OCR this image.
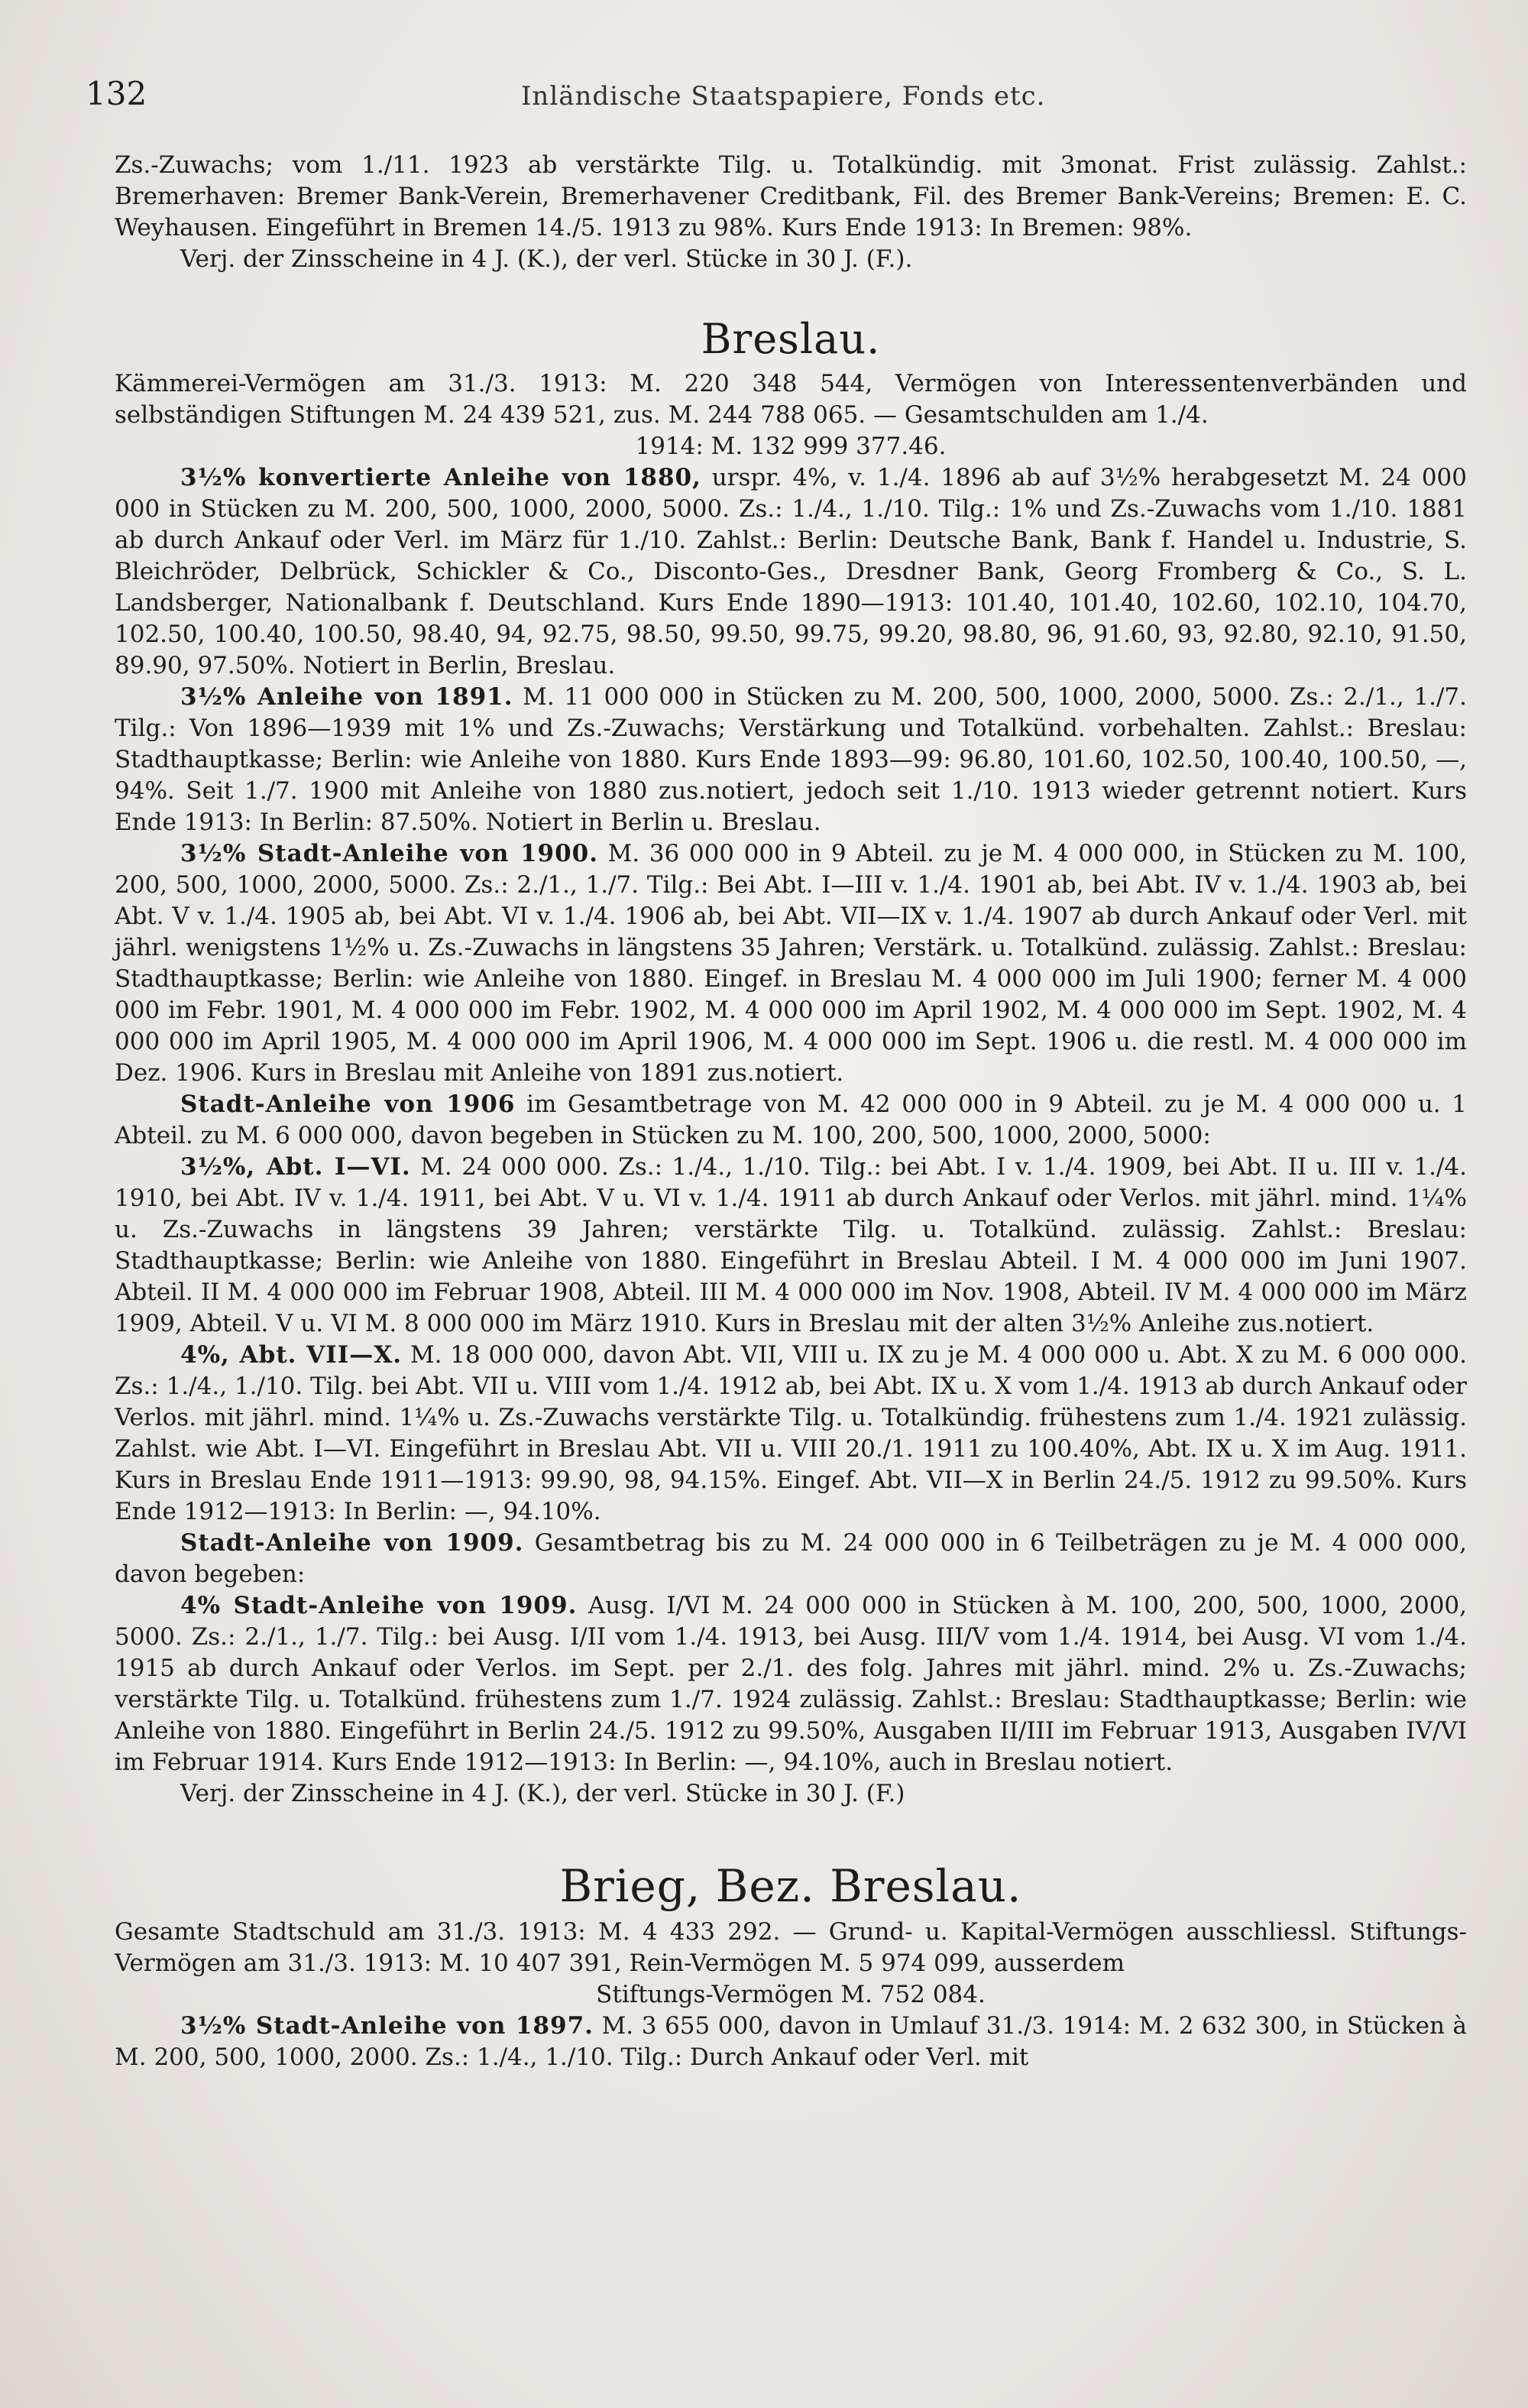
132	Inländische Staatspapiere, Fonds etc.

Zs.-Zuwachs; vom 1./11. 1923 ab verstärkte Tilg. u. Totalkündig. mit 3monat. Frist zulässig. Zahlst.: Bremerhaven: Bremer Bank-Verein, Bremerhavener Creditbank, Fil. des Bremer Bank-Vereins; Bremen: E. C. Weyhausen. Eingeführt in Bremen 14./5. 1913 zu 98%. Kurs Ende 1913: In Bremen: 98%.

Verj. der Zinsscheine in 4 J. (K.), der verl. Stücke in 30 J. (F.).

Breslau.

Kämmerei-Vermögen am 31./3. 1913: M. 220 348 544, Vermögen von Interessentenverbänden und selbständigen Stiftungen M. 24 439 521, zus. M. 244 788 065. — Gesamtschulden am 1./4.

1914: M. 132 999 377.46.

3½% konvertierte Anleihe von 1880, urspr. 4%, v. 1./4. 1896 ab auf 3½% herabgesetzt M. 24 000 000 in Stücken zu M. 200, 500, 1000, 2000, 5000. Zs.: 1./4., 1./10. Tilg.: 1% und Zs.-Zuwachs vom 1./10. 1881 ab durch Ankauf oder Verl. im März für 1./10. Zahlst.: Berlin: Deutsche Bank, Bank f. Handel u. Industrie, S. Bleichröder, Delbrück, Schickler & Co., Disconto-Ges., Dresdner Bank, Georg Fromberg & Co., S. L. Landsberger, Nationalbank f. Deutschland. Kurs Ende 1890—1913: 101.40, 101.40, 102.60, 102.10, 104.70, 102.50, 100.40, 100.50, 98.40, 94, 92.75, 98.50, 99.50, 99.75, 99.20, 98.80, 96, 91.60, 93, 92.80, 92.10, 91.50, 89.90, 97.50%. Notiert in Berlin, Breslau.

3½% Anleihe von 1891. M. 11 000 000 in Stücken zu M. 200, 500, 1000, 2000, 5000. Zs.: 2./1., 1./7. Tilg.: Von 1896—1939 mit 1% und Zs.-Zuwachs; Verstärkung und Totalkünd. vorbehalten. Zahlst.: Breslau: Stadthauptkasse; Berlin: wie Anleihe von 1880. Kurs Ende 1893—99: 96.80, 101.60, 102.50, 100.40, 100.50, —, 94%. Seit 1./7. 1900 mit Anleihe von 1880 zus.notiert, jedoch seit 1./10. 1913 wieder getrennt notiert. Kurs Ende 1913: In Berlin: 87.50%. Notiert in Berlin u. Breslau.

3½% Stadt-Anleihe von 1900. M. 36 000 000 in 9 Abteil. zu je M. 4 000 000, in Stücken zu M. 100, 200, 500, 1000, 2000, 5000. Zs.: 2./1., 1./7. Tilg.: Bei Abt. I—III v. 1./4. 1901 ab, bei Abt. IV v. 1./4. 1903 ab, bei Abt. V v. 1./4. 1905 ab, bei Abt. VI v. 1./4. 1906 ab, bei Abt. VII—IX v. 1./4. 1907 ab durch Ankauf oder Verl. mit jährl. wenigstens 1½% u. Zs.-Zuwachs in längstens 35 Jahren; Verstärk. u. Totalkünd. zulässig. Zahlst.: Breslau: Stadthauptkasse; Berlin: wie Anleihe von 1880. Eingef. in Breslau M. 4 000 000 im Juli 1900; ferner M. 4 000 000 im Febr. 1901, M. 4 000 000 im Febr. 1902, M. 4 000 000 im April 1902, M. 4 000 000 im Sept. 1902, M. 4 000 000 im April 1905, M. 4 000 000 im April 1906, M. 4 000 000 im Sept. 1906 u. die restl. M. 4 000 000 im Dez. 1906. Kurs in Breslau mit Anleihe von 1891 zus.notiert.

Stadt-Anleihe von 1906 im Gesamtbetrage von M. 42 000 000 in 9 Abteil. zu je M. 4 000 000 u. 1 Abteil. zu M. 6 000 000, davon begeben in Stücken zu M. 100, 200, 500, 1000, 2000, 5000:

3½%, Abt. I—VI. M. 24 000 000. Zs.: 1./4., 1./10. Tilg.: bei Abt. I v. 1./4. 1909, bei Abt. II u. III v. 1./4. 1910, bei Abt. IV v. 1./4. 1911, bei Abt. V u. VI v. 1./4. 1911 ab durch Ankauf oder Verlos. mit jährl. mind. 1¼% u. Zs.-Zuwachs in längstens 39 Jahren; verstärkte Tilg. u. Totalkünd. zulässig. Zahlst.: Breslau: Stadthauptkasse; Berlin: wie Anleihe von 1880. Eingeführt in Breslau Abteil. I M. 4 000 000 im Juni 1907. Abteil. II M. 4 000 000 im Februar 1908, Abteil. III M. 4 000 000 im Nov. 1908, Abteil. IV M. 4 000 000 im März 1909, Abteil. V u. VI M. 8 000 000 im März 1910. Kurs in Breslau mit der alten 3½% Anleihe zus.notiert.

4%, Abt. VII—X. M. 18 000 000, davon Abt. VII, VIII u. IX zu je M. 4 000 000 u. Abt. X zu M. 6 000 000. Zs.: 1./4., 1./10. Tilg. bei Abt. VII u. VIII vom 1./4. 1912 ab, bei Abt. IX u. X vom 1./4. 1913 ab durch Ankauf oder Verlos. mit jährl. mind. 1¼% u. Zs.-Zuwachs verstärkte Tilg. u. Totalkündig. frühestens zum 1./4. 1921 zulässig. Zahlst. wie Abt. I—VI. Eingeführt in Breslau Abt. VII u. VIII 20./1. 1911 zu 100.40%, Abt. IX u. X im Aug. 1911. Kurs in Breslau Ende 1911—1913: 99.90, 98, 94.15%. Eingef. Abt. VII—X in Berlin 24./5. 1912 zu 99.50%. Kurs Ende 1912—1913: In Berlin: —, 94.10%.

Stadt-Anleihe von 1909. Gesamtbetrag bis zu M. 24 000 000 in 6 Teilbeträgen zu je M. 4 000 000, davon begeben:

4% Stadt-Anleihe von 1909. Ausg. I/VI M. 24 000 000 in Stücken à M. 100, 200, 500, 1000, 2000, 5000. Zs.: 2./1., 1./7. Tilg.: bei Ausg. I/II vom 1./4. 1913, bei Ausg. III/V vom 1./4. 1914, bei Ausg. VI vom 1./4. 1915 ab durch Ankauf oder Verlos. im Sept. per 2./1. des folg. Jahres mit jährl. mind. 2% u. Zs.-Zuwachs; verstärkte Tilg. u. Totalkünd. frühestens zum 1./7. 1924 zulässig. Zahlst.: Breslau: Stadthauptkasse; Berlin: wie Anleihe von 1880. Eingeführt in Berlin 24./5. 1912 zu 99.50%, Ausgaben II/III im Februar 1913, Ausgaben IV/VI im Februar 1914. Kurs Ende 1912—1913: In Berlin: —, 94.10%, auch in Breslau notiert.

Verj. der Zinsscheine in 4 J. (K.), der verl. Stücke in 30 J. (F.)

Brieg, Bez. Breslau.

Gesamte Stadtschuld am 31./3. 1913: M. 4 433 292. — Grund- u. Kapital-Vermögen ausschliessl. Stiftungs-Vermögen am 31./3. 1913: M. 10 407 391, Rein-Vermögen M. 5 974 099, ausserdem

Stiftungs-Vermögen M. 752 084.

3½% Stadt-Anleihe von 1897. M. 3 655 000, davon in Umlauf 31./3. 1914: M. 2 632 300, in Stücken à M. 200, 500, 1000, 2000. Zs.: 1./4., 1./10. Tilg.: Durch Ankauf oder Verl. mit
